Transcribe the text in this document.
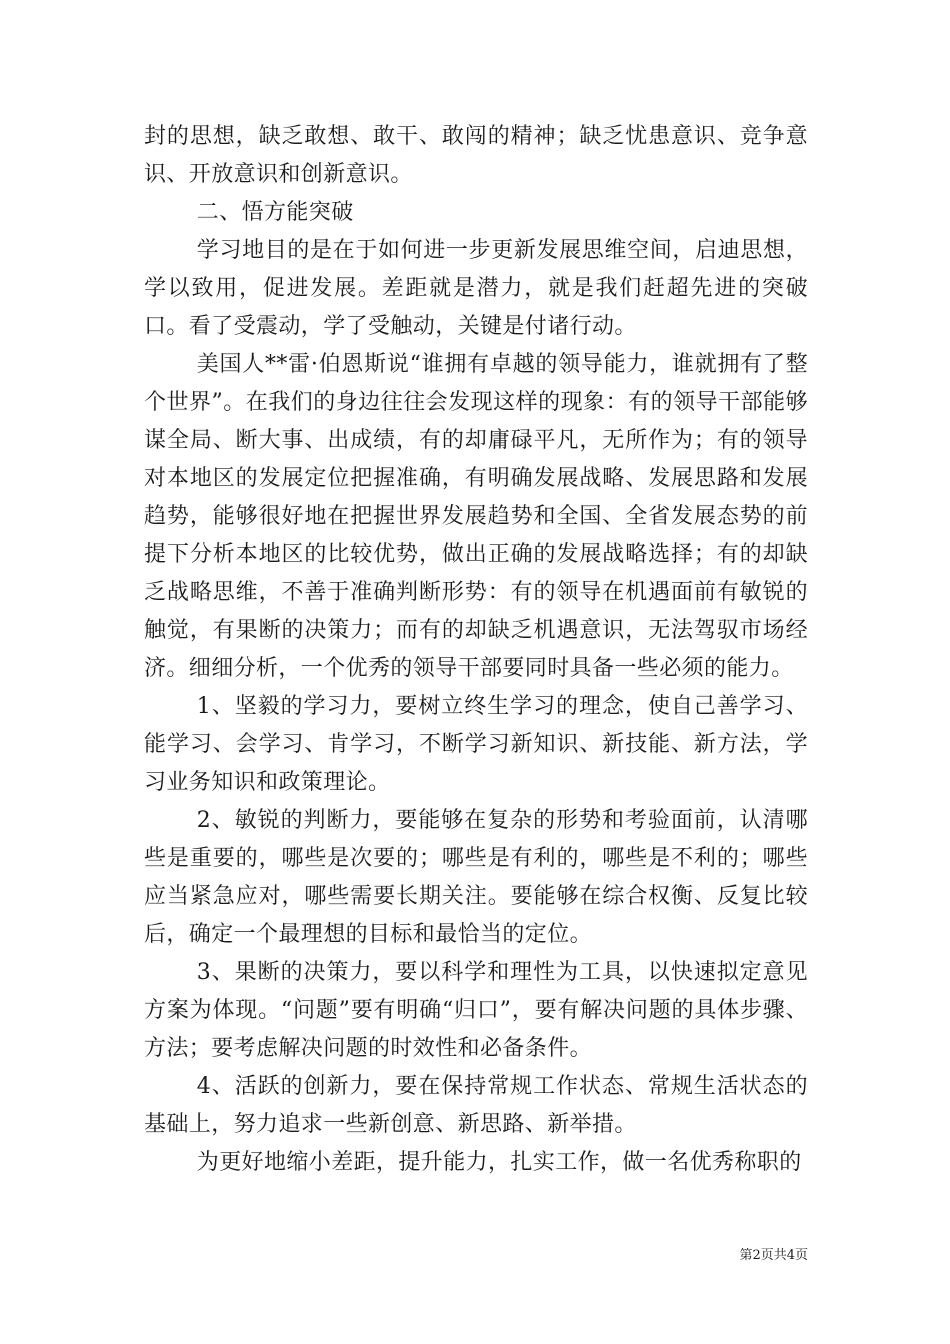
封的思想，缺乏敢想、敢干、敢闯的精神；缺乏忧患意识、竞争意识、开放意识和创新意识。

二、悟方能突破

学习地目的是在于如何进一步更新发展思维空间，启迪思想，学以致用，促进发展。差距就是潜力，就是我们赶超先进的突破口。看了受震动，学了受触动，关键是付诸行动。

美国人**雷·伯恩斯说“谁拥有卓越的领导能力，谁就拥有了整个世界”。在我们的身边往往会发现这样的现象：有的领导干部能够谋全局、断大事、出成绩，有的却庸碌平凡，无所作为；有的领导对本地区的发展定位把握准确，有明确发展战略、发展思路和发展趋势，能够很好地在把握世界发展趋势和全国、全省发展态势的前提下分析本地区的比较优势，做出正确的发展战略选择；有的却缺乏战略思维，不善于准确判断形势：有的领导在机遇面前有敏锐的触觉，有果断的决策力；而有的却缺乏机遇意识，无法驾驭市场经济。细细分析，一个优秀的领导干部要同时具备一些必须的能力。

1、坚毅的学习力，要树立终生学习的理念，使自己善学习、能学习、会学习、肯学习，不断学习新知识、新技能、新方法，学习业务知识和政策理论。

2、敏锐的判断力，要能够在复杂的形势和考验面前，认清哪些是重要的，哪些是次要的；哪些是有利的，哪些是不利的；哪些应当紧急应对，哪些需要长期关注。要能够在综合权衡、反复比较后，确定一个最理想的目标和最恰当的定位。

3、果断的决策力，要以科学和理性为工具，以快速拟定意见方案为体现。“问题”要有明确“归口”，要有解决问题的具体步骤、方法；要考虑解决问题的时效性和必备条件。

4、活跃的创新力，要在保持常规工作状态、常规生活状态的基础上，努力追求一些新创意、新思路、新举措。

为更好地缩小差距，提升能力，扎实工作，做一名优秀称职的

第2页共4页
